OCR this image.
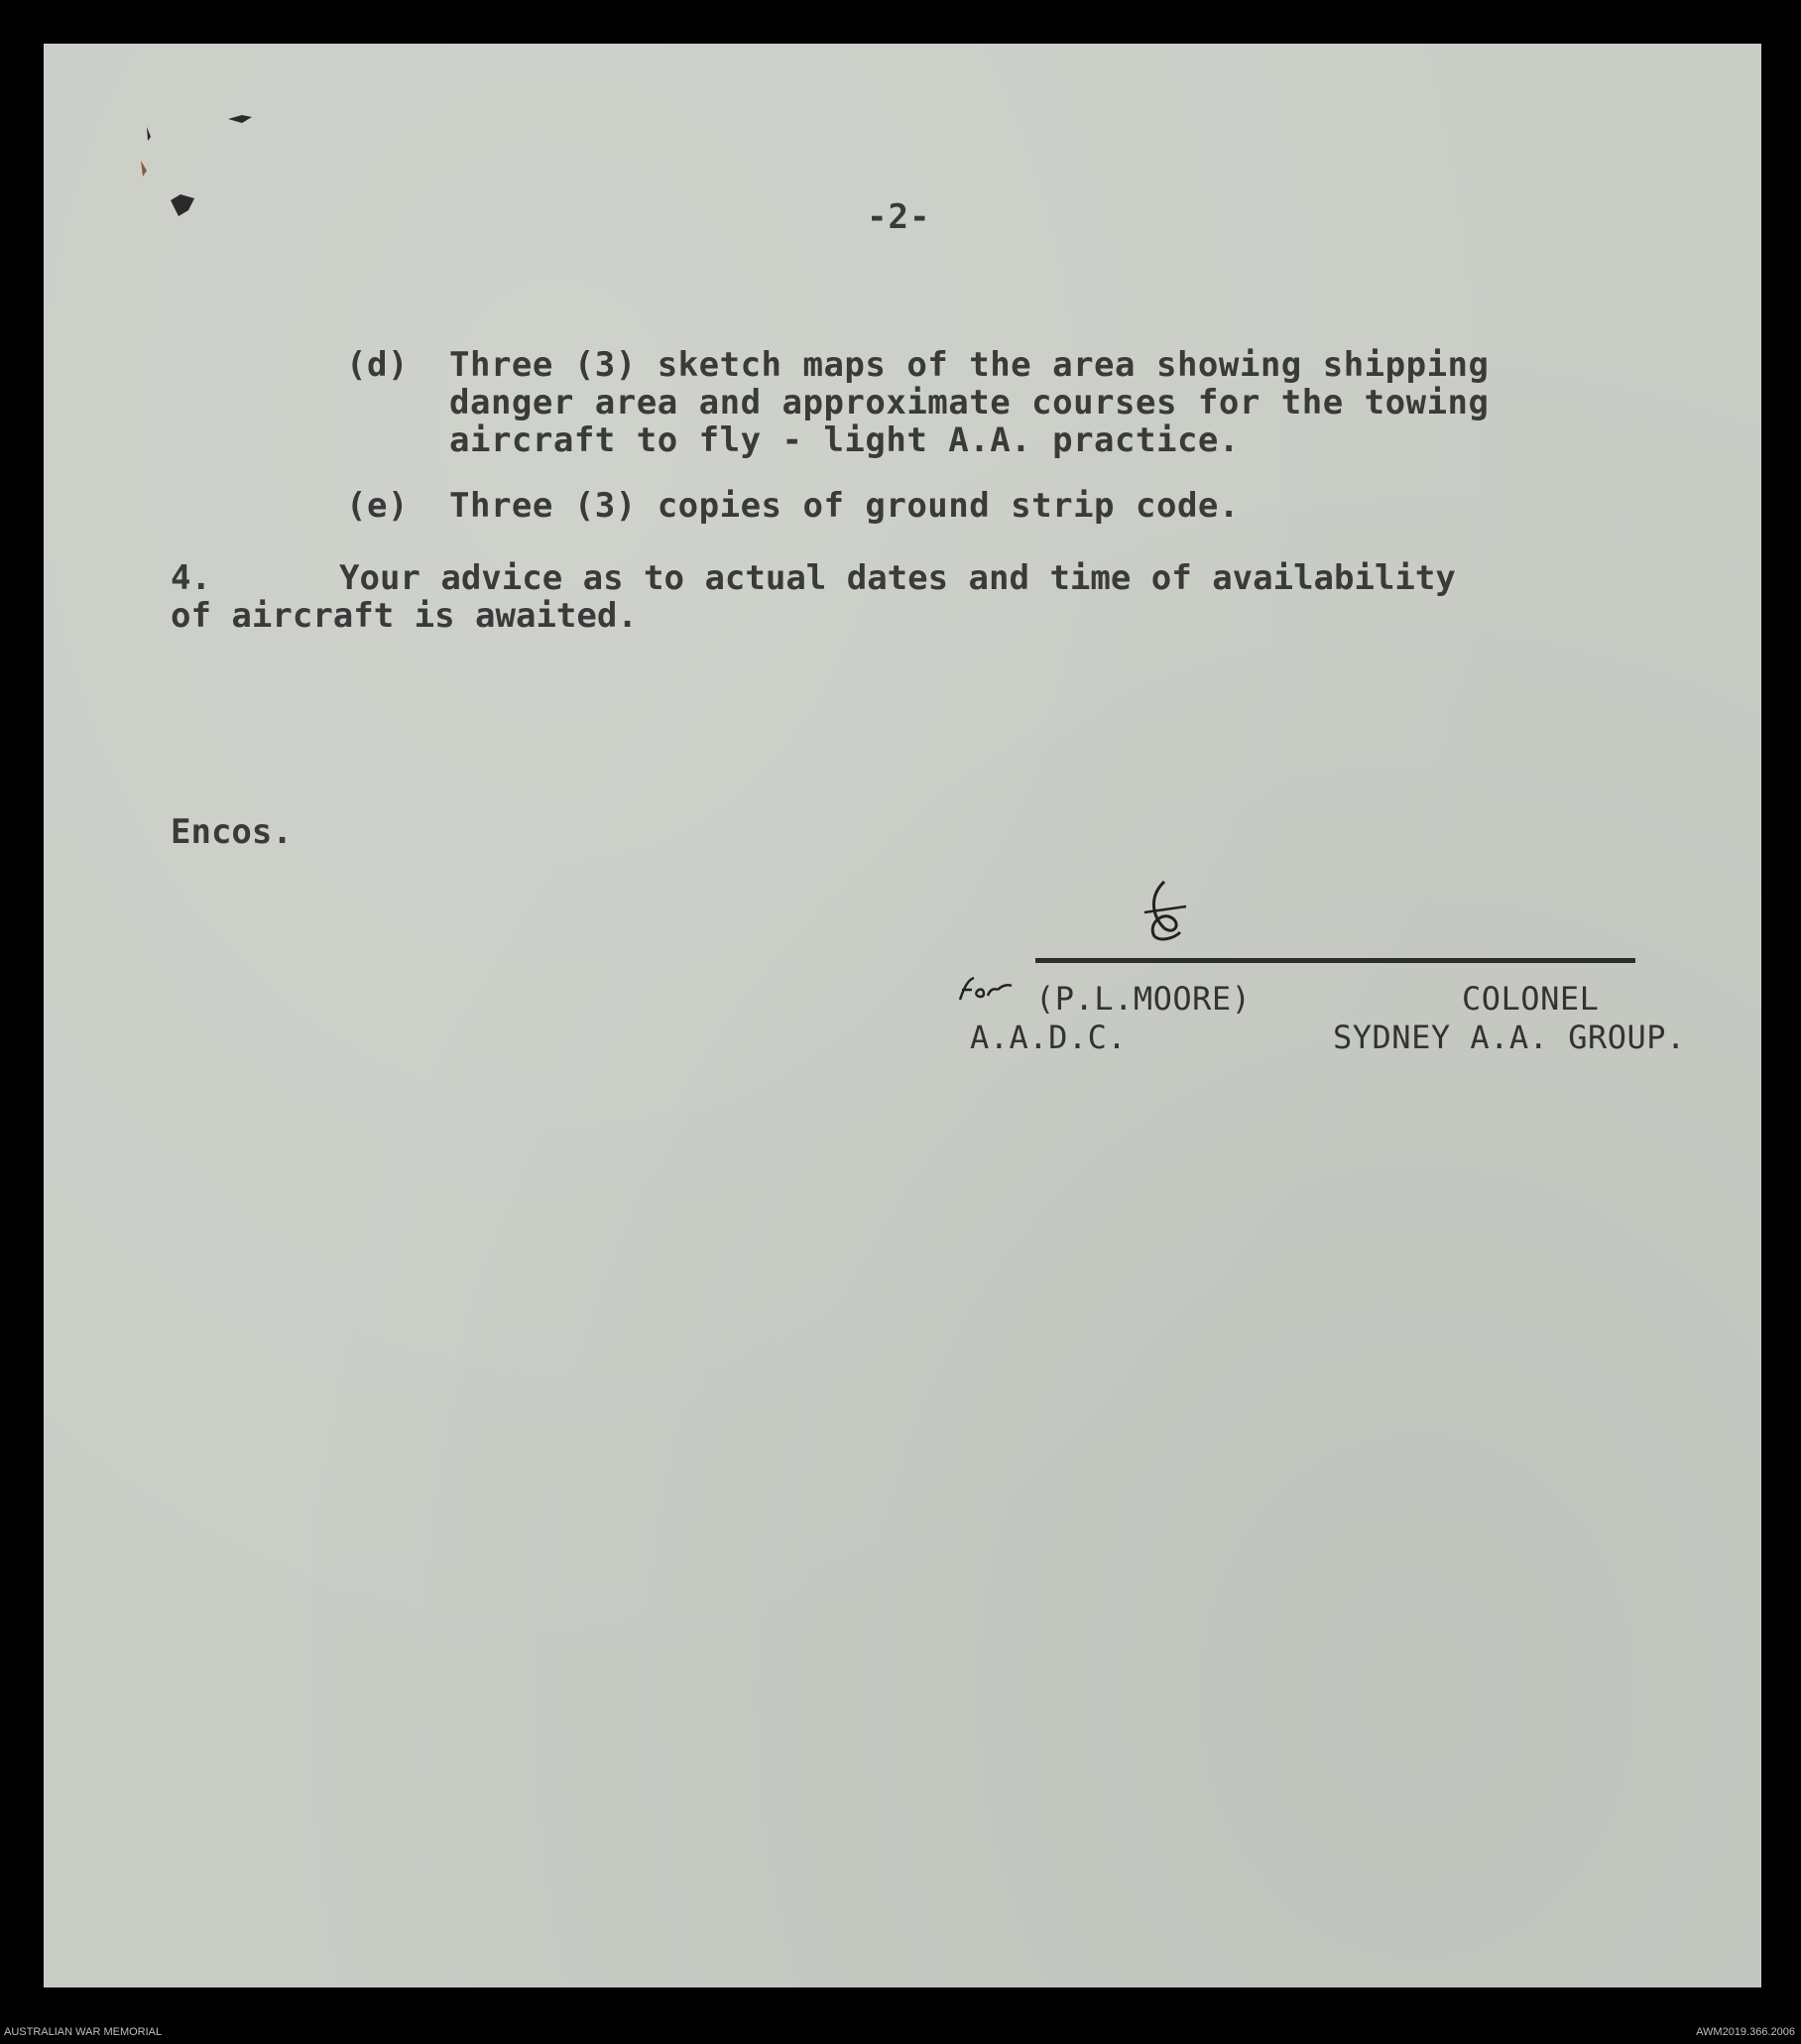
-2-
(d)	Three (3) sketch maps of the area showing shipping
danger area and approximate courses for the towing
aircraft to fly - light A.A. practice.
(e)	Three (3) copies of ground strip code.
4.	Your advice as to actual dates and time of availability
of aircraft is awaited.
Encos.
(P.L.MOORE)	COLONEL
A.A.D.C.	SYDNEY A.A. GROUP.
AUSTRALIAN WAR MEMORIAL	AWM2019.366.2006
